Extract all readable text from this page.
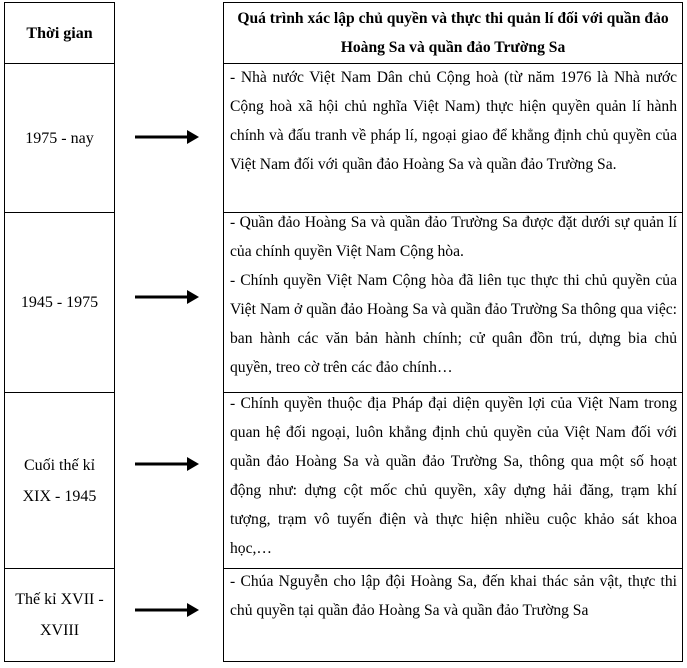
Thời gian
1975 - nay
1945 - 1975
Cuối thế kỉ XIX - 1945
Thế kỉ XVII - XVIII
Quá trình xác lập chủ quyền và thực thi quản lí đối với quần đảo Hoàng Sa và quần đảo Trường Sa

- Nhà nước Việt Nam Dân chủ Cộng hoà (từ năm 1976 là Nhà nước Cộng hoà xã hội chủ nghĩa Việt Nam) thực hiện quyền quản lí hành chính và đấu tranh về pháp lí, ngoại giao để khẳng định chủ quyền của Việt Nam đối với quần đảo Hoàng Sa và quần đảo Trường Sa.

- Quần đảo Hoàng Sa và quần đảo Trường Sa được đặt dưới sự quản lí của chính quyền Việt Nam Cộng hòa.

- Chính quyền Việt Nam Cộng hòa đã liên tục thực thi chủ quyền của Việt Nam ở quần đảo Hoàng Sa và quần đảo Trường Sa thông qua việc: ban hành các văn bản hành chính; cử quân đồn trú, dựng bia chủ quyền, treo cờ trên các đảo chính…

- Chính quyền thuộc địa Pháp đại diện quyền lợi của Việt Nam trong quan hệ đối ngoại, luôn khẳng định chủ quyền của Việt Nam đối với quần đảo Hoàng Sa và quần đảo Trường Sa, thông qua một số hoạt động như: dựng cột mốc chủ quyền, xây dựng hải đăng, trạm khí tượng, trạm vô tuyến điện và thực hiện nhiều cuộc khảo sát khoa học,…

- Chúa Nguyễn cho lập đội Hoàng Sa, đến khai thác sản vật, thực thi chủ quyền tại quần đảo Hoàng Sa và quần đảo Trường Sa
